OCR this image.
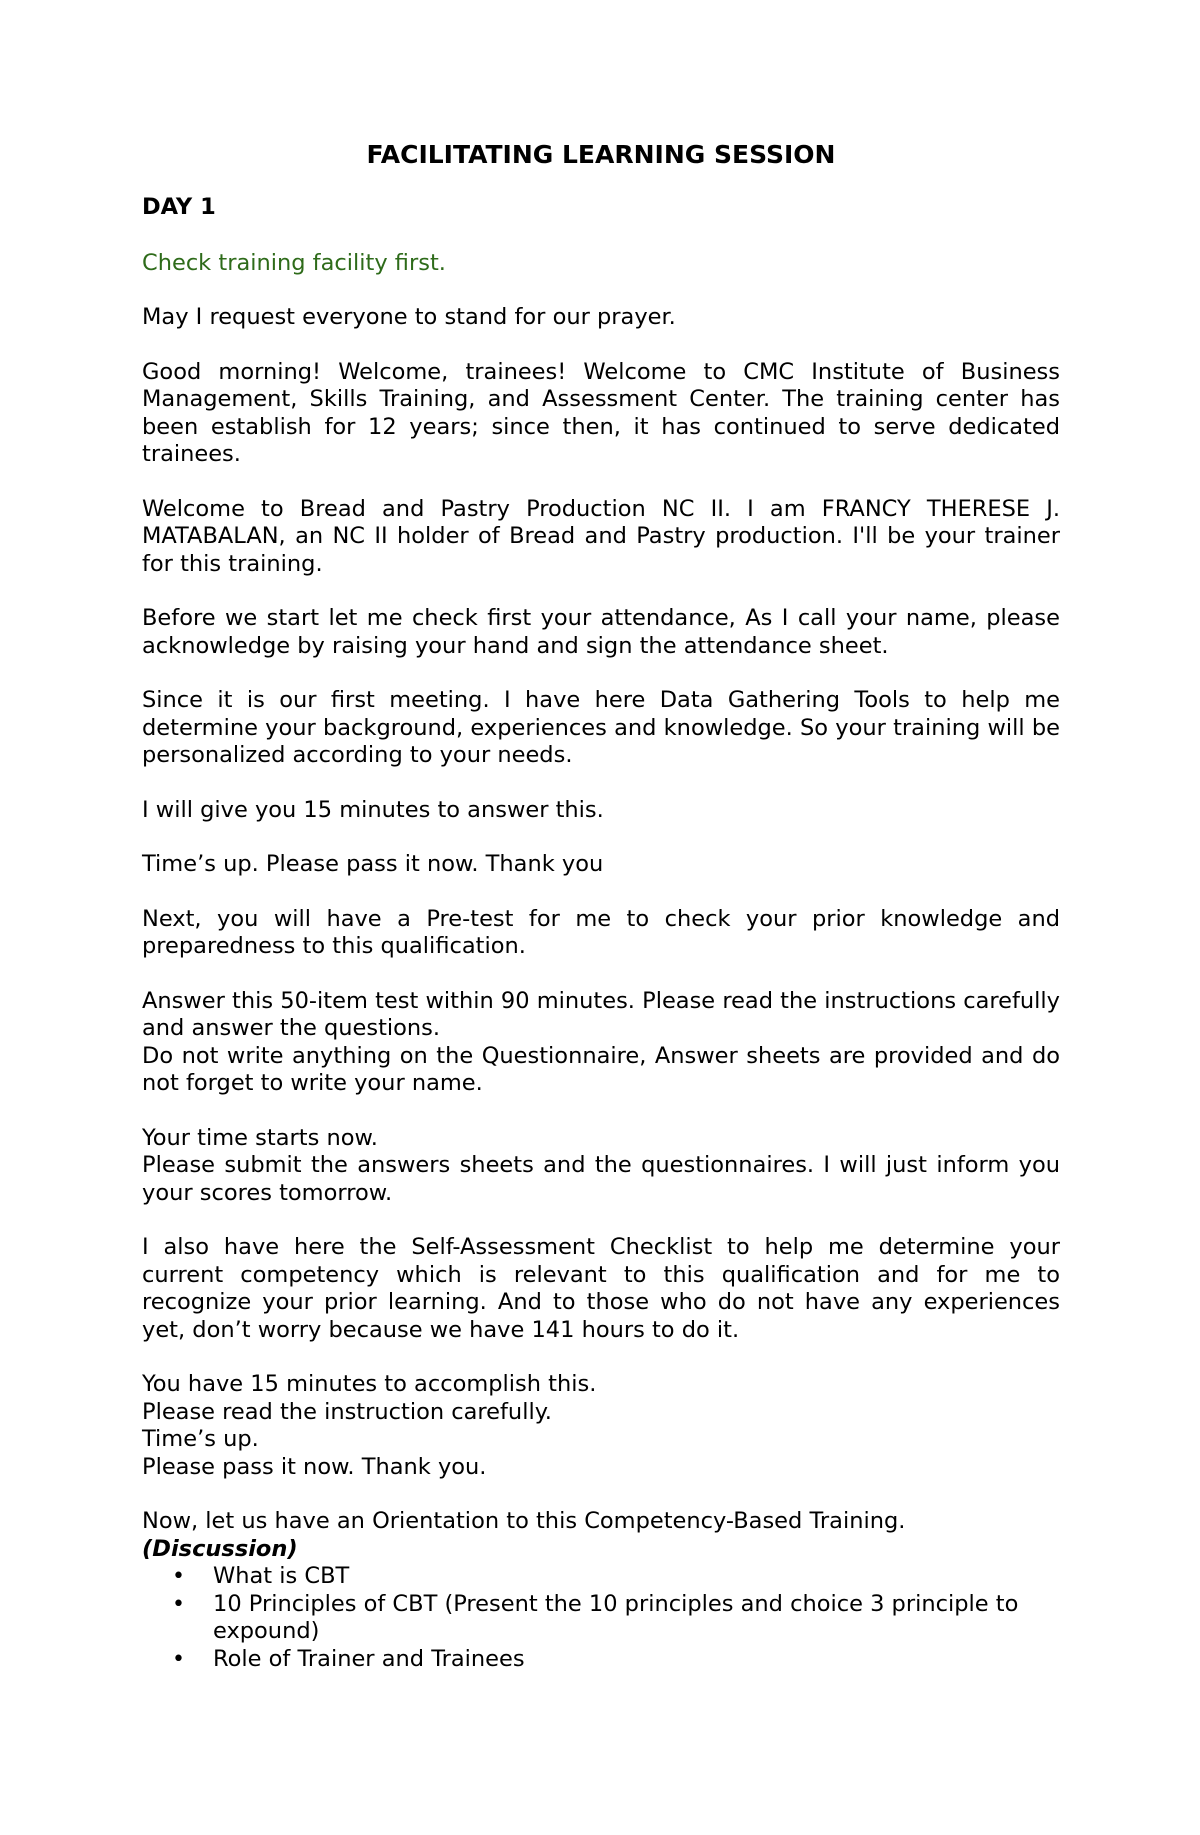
FACILITATING LEARNING SESSION
DAY 1

Check training facility first.

May I request everyone to stand for our prayer.

Good morning! Welcome, trainees! Welcome to CMC Institute of Business Management, Skills Training, and Assessment Center. The training center has been establish for 12 years; since then, it has continued to serve dedicated trainees.

Welcome to Bread and Pastry Production NC II. I am FRANCY THERESE J. MATABALAN, an NC II holder of Bread and Pastry production. I'll be your trainer for this training.

Before we start let me check first your attendance, As I call your name, please acknowledge by raising your hand and sign the attendance sheet.

Since it is our first meeting. I have here Data Gathering Tools to help me determine your background, experiences and knowledge. So your training will be personalized according to your needs.

I will give you 15 minutes to answer this.

Time’s up. Please pass it now. Thank you

Next, you will have a Pre-test for me to check your prior knowledge and preparedness to this qualification.

Answer this 50-item test within 90 minutes. Please read the instructions carefully and answer the questions.
Do not write anything on the Questionnaire, Answer sheets are provided and do not forget to write your name.

Your time starts now.
Please submit the answers sheets and the questionnaires. I will just inform you your scores tomorrow.

I also have here the Self-Assessment Checklist to help me determine your current competency which is relevant to this qualification and for me to recognize your prior learning. And to those who do not have any experiences yet, don’t worry because we have 141 hours to do it.

You have 15 minutes to accomplish this.
Please read the instruction carefully.
Time’s up.
Please pass it now. Thank you.

Now, let us have an Orientation to this Competency-Based Training.

(Discussion)
• What is CBT
• 10 Principles of CBT (Present the 10 principles and choice 3 principle to expound)
• Role of Trainer and Trainees
